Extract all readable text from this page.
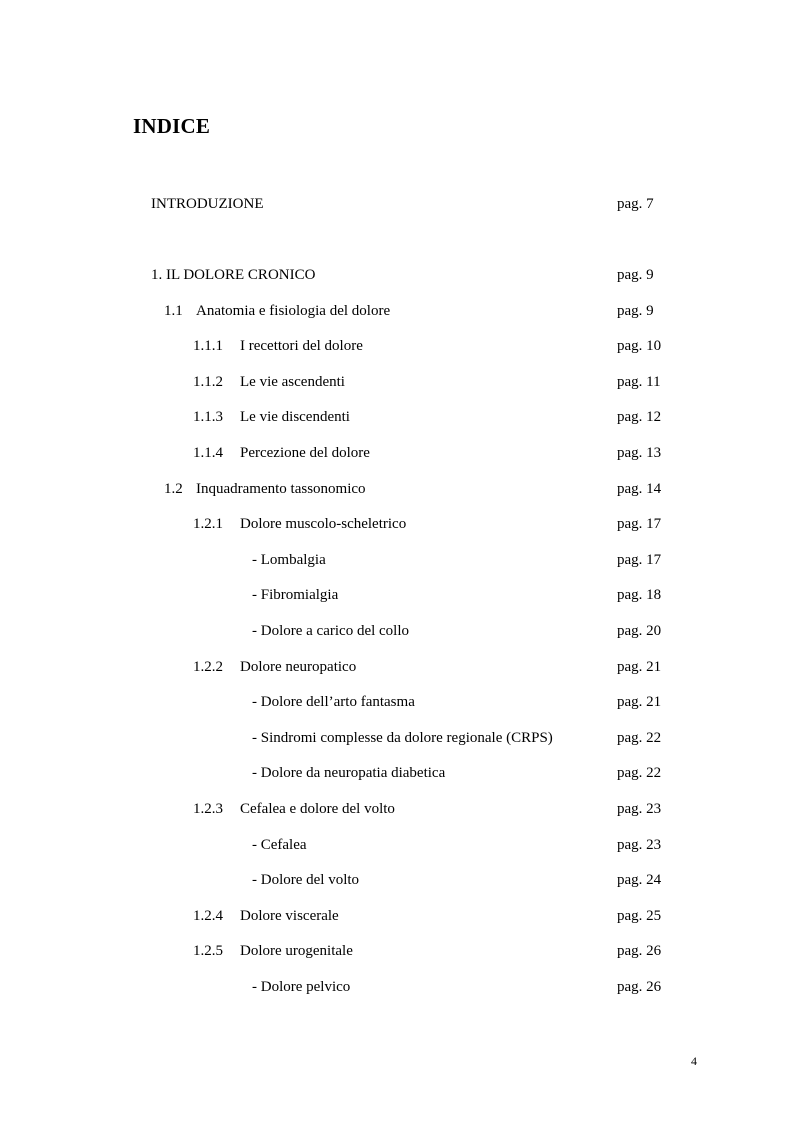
INDICE
INTRODUZIONE	pag. 7
1. IL DOLORE CRONICO	pag. 9
1.1 Anatomia e fisiologia del dolore	pag. 9
1.1.1 I recettori del dolore	pag. 10
1.1.2 Le vie ascendenti	pag. 11
1.1.3 Le vie discendenti	pag. 12
1.1.4 Percezione del dolore	pag. 13
1.2 Inquadramento tassonomico	pag. 14
1.2.1 Dolore muscolo-scheletrico	pag. 17
- Lombalgia	pag. 17
- Fibromialgia	pag. 18
- Dolore a carico del collo	pag. 20
1.2.2 Dolore neuropatico	pag. 21
- Dolore dell’arto fantasma	pag. 21
- Sindromi complesse da dolore regionale (CRPS)	pag. 22
- Dolore da neuropatia diabetica	pag. 22
1.2.3 Cefalea e dolore del volto	pag. 23
- Cefalea	pag. 23
- Dolore del volto	pag. 24
1.2.4 Dolore viscerale	pag. 25
1.2.5 Dolore urogenitale	pag. 26
- Dolore pelvico	pag. 26
4
